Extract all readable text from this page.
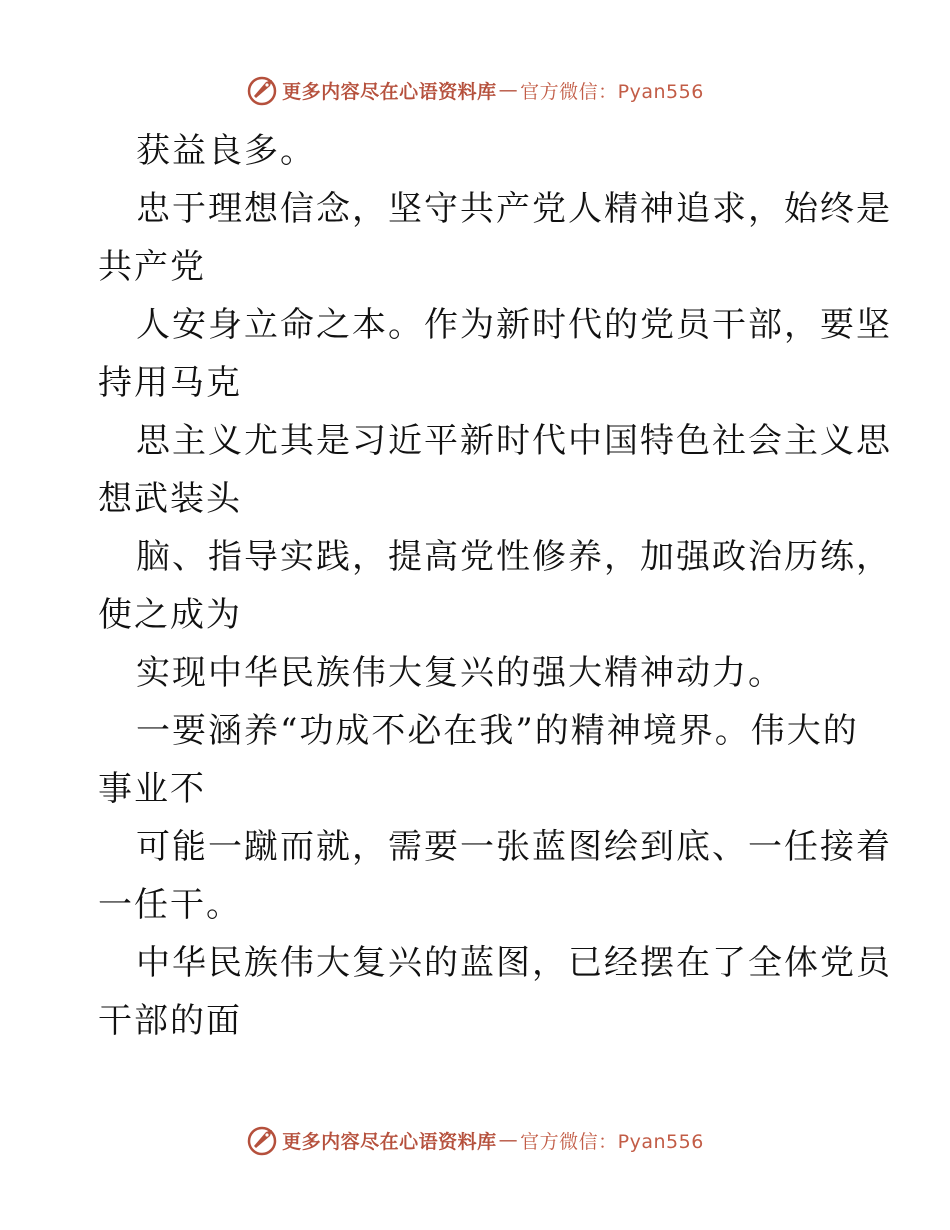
更多内容尽在心语资料库 — 官方微信：Pyan556
获益良多。
忠于理想信念，坚守共产党人精神追求，始终是
共产党
人安身立命之本。作为新时代的党员干部，要坚
持用马克
思主义尤其是习近平新时代中国特色社会主义思
想武装头
脑、指导实践，提高党性修养，加强政治历练，
使之成为
实现中华民族伟大复兴的强大精神动力。
一要涵养“功成不必在我”的精神境界。伟大的
事业不
可能一蹴而就，需要一张蓝图绘到底、一任接着
一任干。
中华民族伟大复兴的蓝图，已经摆在了全体党员
干部的面
更多内容尽在心语资料库 — 官方微信：Pyan556
